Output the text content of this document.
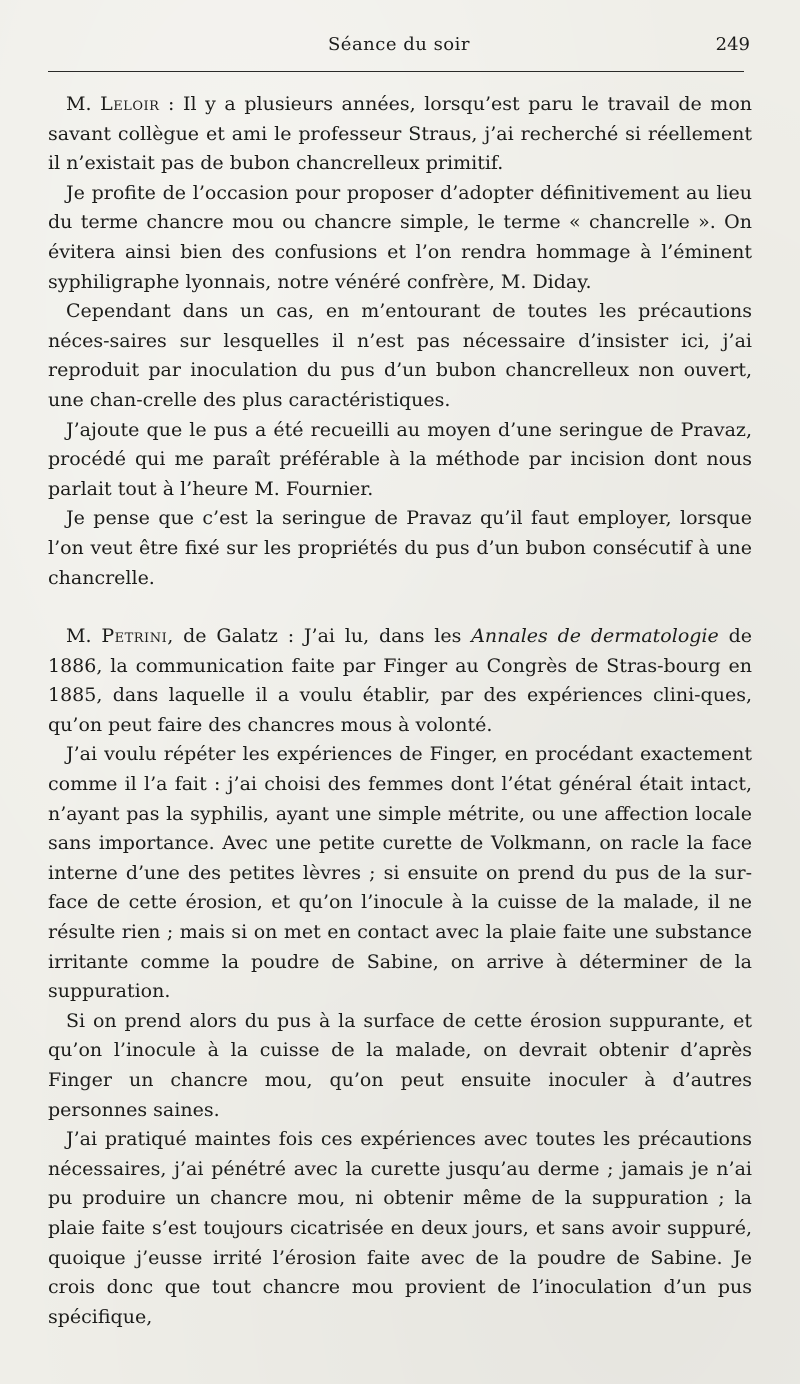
Séance du soir	249

M. Leloir : Il y a plusieurs années, lorsqu’est paru le travail de mon savant collègue et ami le professeur Straus, j’ai recherché si réellement il n’existait pas de bubon chancrelleux primitif.

Je profite de l’occasion pour proposer d’adopter définitivement au lieu du terme chancre mou ou chancre simple, le terme « chancrelle ». On évitera ainsi bien des confusions et l’on rendra hommage à l’éminent syphiligraphe lyonnais, notre vénéré confrère, M. Diday.

Cependant dans un cas, en m’entourant de toutes les précautions néces-saires sur lesquelles il n’est pas nécessaire d’insister ici, j’ai reproduit par inoculation du pus d’un bubon chancrelleux non ouvert, une chan-crelle des plus caractéristiques.

J’ajoute que le pus a été recueilli au moyen d’une seringue de Pravaz, procédé qui me paraît préférable à la méthode par incision dont nous parlait tout à l’heure M. Fournier.

Je pense que c’est la seringue de Pravaz qu’il faut employer, lorsque l’on veut être fixé sur les propriétés du pus d’un bubon consécutif à une chancrelle.

M. Petrini, de Galatz : J’ai lu, dans les Annales de dermatologie de 1886, la communication faite par Finger au Congrès de Stras-bourg en 1885, dans laquelle il a voulu établir, par des expériences clini-ques, qu’on peut faire des chancres mous à volonté.

J’ai voulu répéter les expériences de Finger, en procédant exactement comme il l’a fait : j’ai choisi des femmes dont l’état général était intact, n’ayant pas la syphilis, ayant une simple métrite, ou une affection locale sans importance. Avec une petite curette de Volkmann, on racle la face interne d’une des petites lèvres ; si ensuite on prend du pus de la sur-face de cette érosion, et qu’on l’inocule à la cuisse de la malade, il ne résulte rien ; mais si on met en contact avec la plaie faite une substance irritante comme la poudre de Sabine, on arrive à déterminer de la suppuration.

Si on prend alors du pus à la surface de cette érosion suppurante, et qu’on l’inocule à la cuisse de la malade, on devrait obtenir d’après Finger un chancre mou, qu’on peut ensuite inoculer à d’autres personnes saines.

J’ai pratiqué maintes fois ces expériences avec toutes les précautions nécessaires, j’ai pénétré avec la curette jusqu’au derme ; jamais je n’ai pu produire un chancre mou, ni obtenir même de la suppuration ; la plaie faite s’est toujours cicatrisée en deux jours, et sans avoir suppuré, quoique j’eusse irrité l’érosion faite avec de la poudre de Sabine. Je crois donc que tout chancre mou provient de l’inoculation d’un pus spécifique,
